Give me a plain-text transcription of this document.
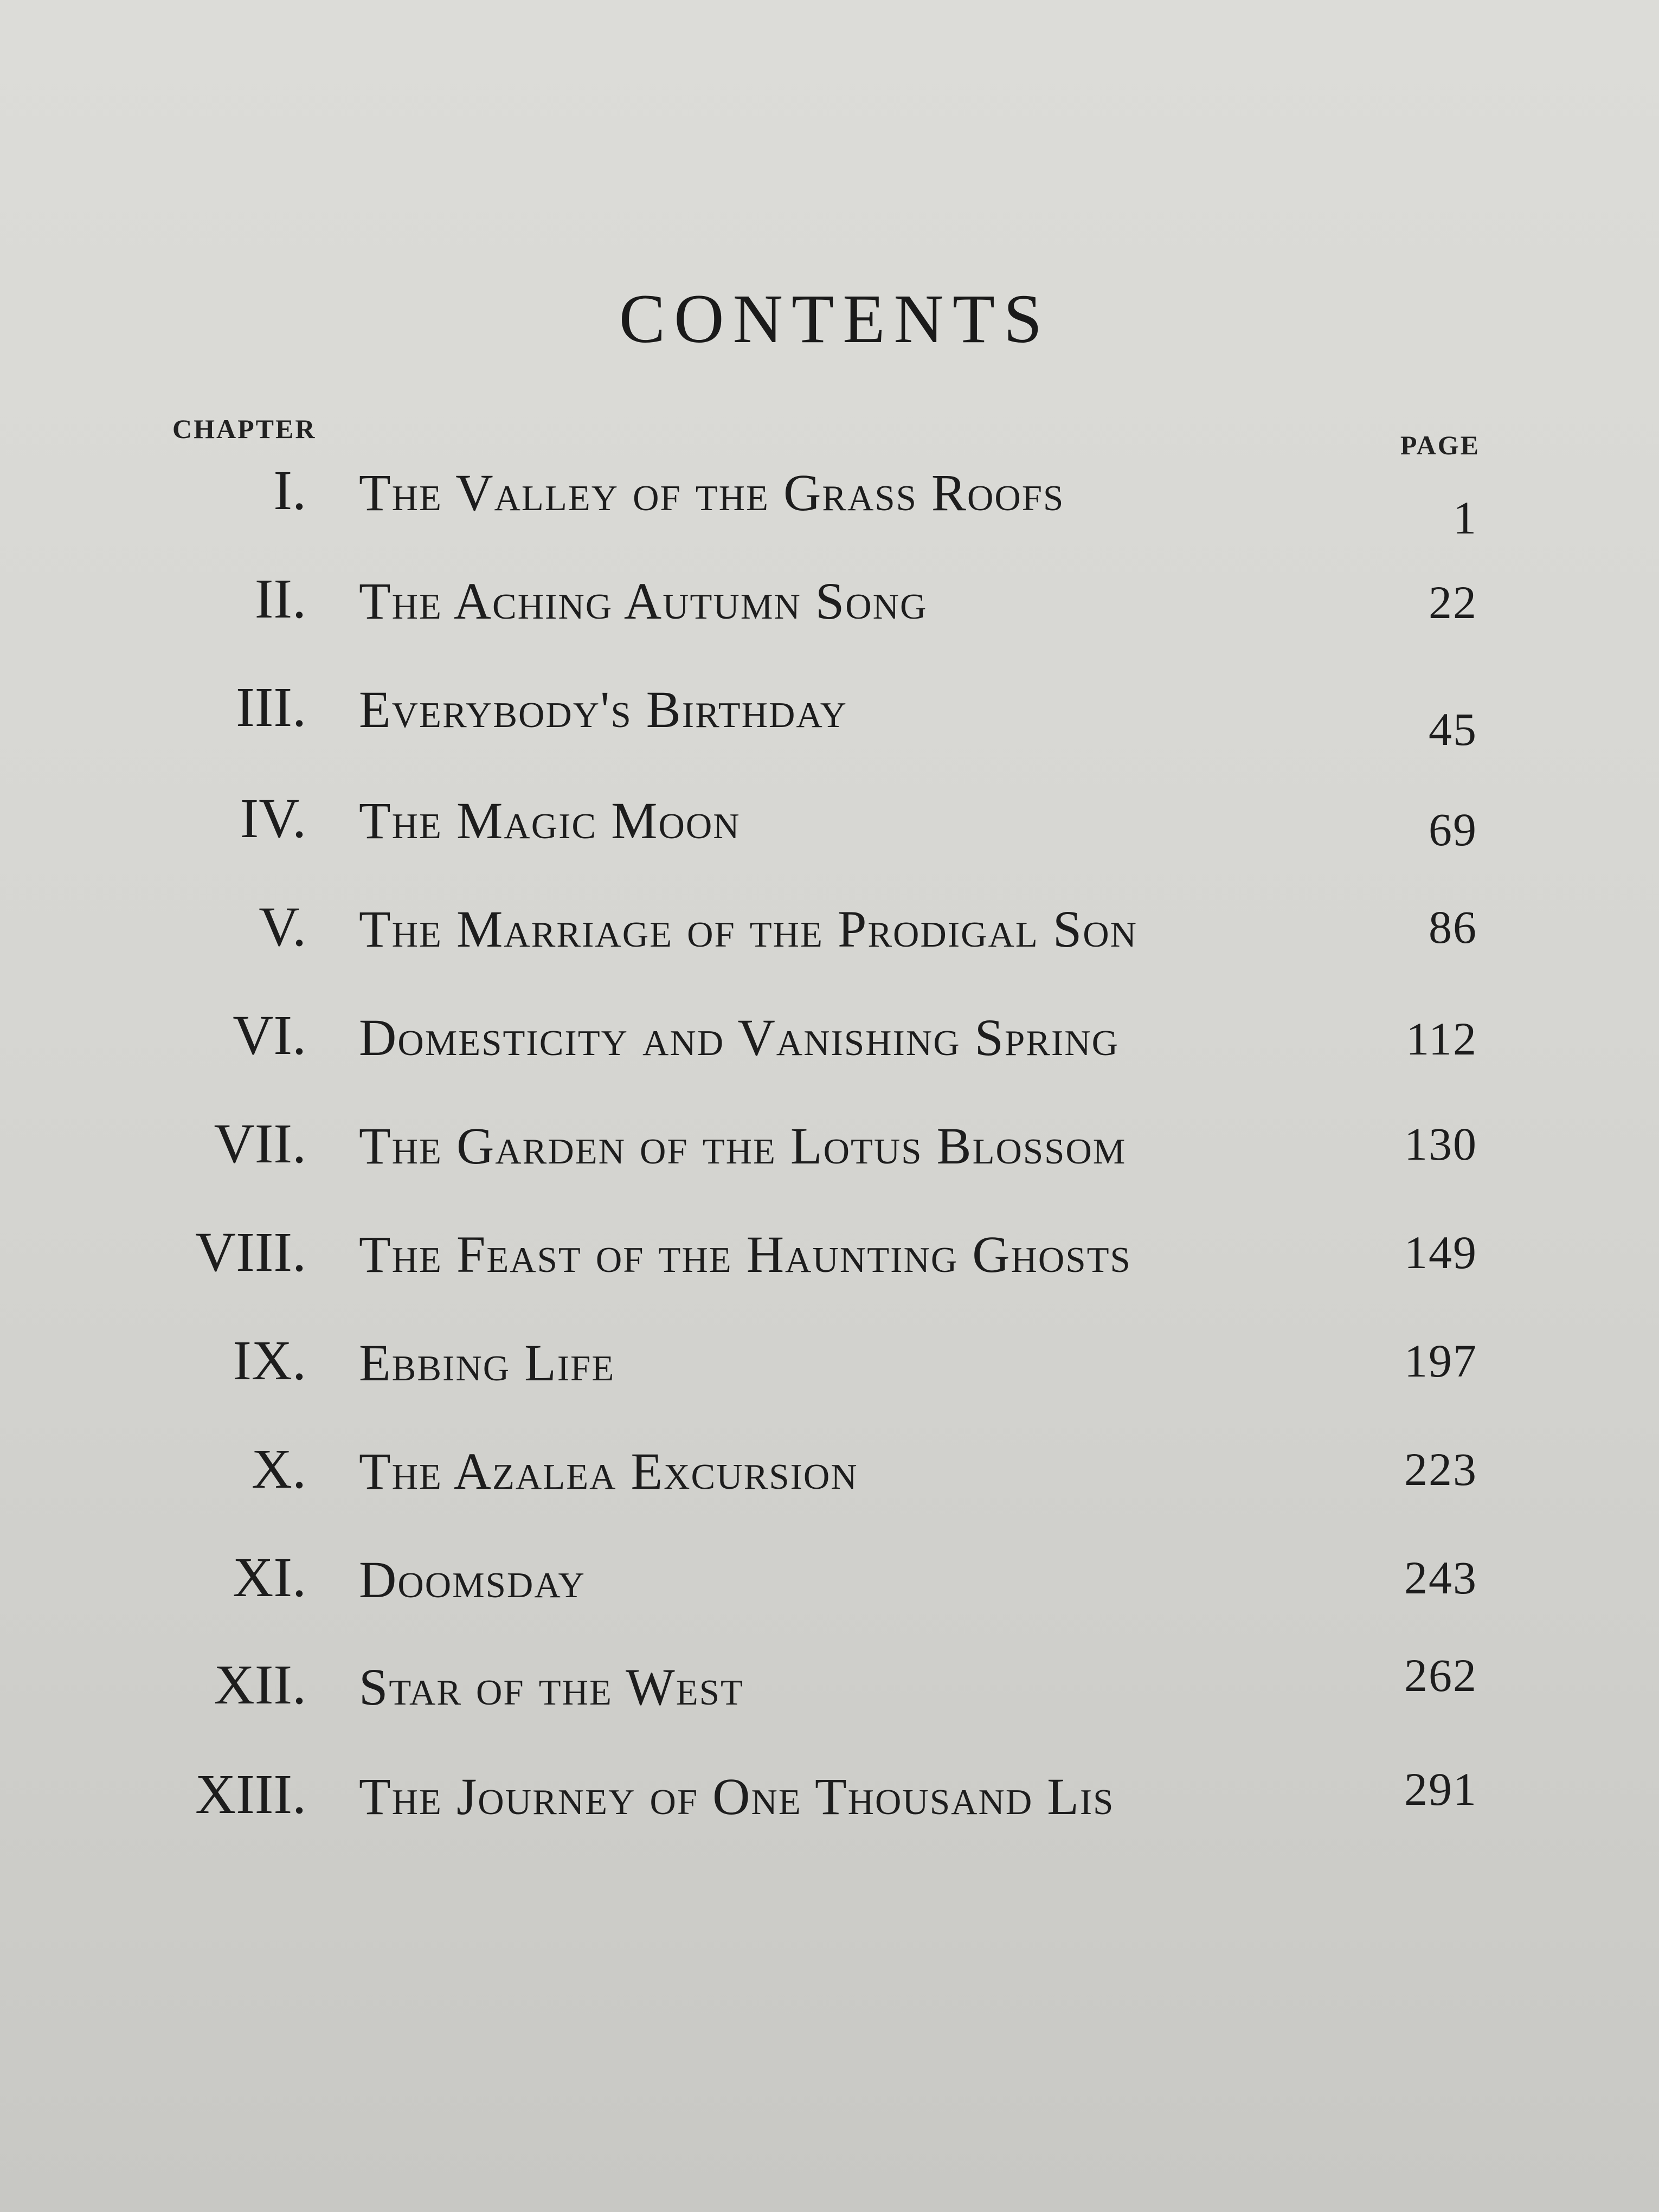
CONTENTS
CHAPTER
PAGE
I. The Valley of the Grass Roofs	1
II. The Aching Autumn Song	22
III. Everybody's Birthday	45
IV. The Magic Moon	69
V. The Marriage of the Prodigal Son	86
VI. Domesticity and Vanishing Spring	112
VII. The Garden of the Lotus Blossom	130
VIII. The Feast of the Haunting Ghosts	149
IX. Ebbing Life	197
X. The Azalea Excursion	223
XI. Doomsday	243
XII. Star of the West	262
XIII. The Journey of One Thousand Lis	291
